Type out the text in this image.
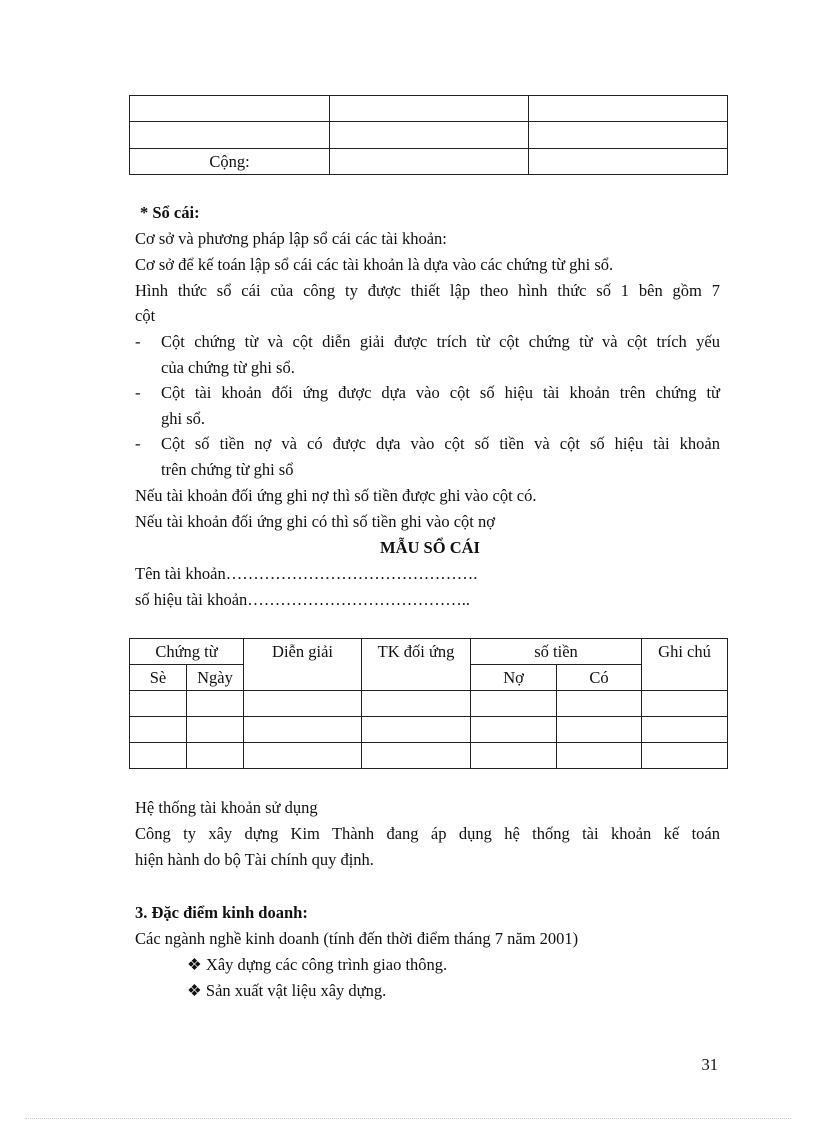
Cộng:		
* Sổ cái:
Cơ sở và phương pháp lập sổ cái các tài khoản:
Cơ sở để kế toán lập sổ cái các tài khoản là dựa vào các chứng từ ghi sổ.
Hình thức sổ cái của công ty được thiết lập theo hình thức số 1 bên gồm 7
cột
- Cột chứng từ và cột diễn giải được trích từ cột chứng từ và cột trích yếu
của chứng từ ghi sổ.
- Cột tài khoản đối ứng được dựa vào cột số hiệu tài khoản trên chứng từ
ghi sổ.
- Cột số tiền nợ và có được dựa vào cột số tiền và cột số hiệu tài khoản
trên chứng từ ghi sổ
Nếu tài khoản đối ứng ghi nợ thì số tiền được ghi vào cột có.
Nếu tài khoản đối ứng ghi có thì số tiền ghi vào cột nợ
MẪU SỔ CÁI
Tên tài khoản……………………………………….
số hiệu tài khoản…………………………………..
Chứng từ		Diễn giải	TK đối ứng	số tiền		Ghi chú
Sè	Ngày			Nợ	Có	

Hệ thống tài khoản sử dụng
Công ty xây dựng Kim Thành đang áp dụng hệ thống tài khoản kế toán
hiện hành do bộ Tài chính quy định.
3. Đặc điểm kinh doanh:
Các ngành nghề kinh doanh (tính đến thời điểm tháng 7 năm 2001)
❖ Xây dựng các công trình giao thông.
❖ Sản xuất vật liệu xây dựng.
31
